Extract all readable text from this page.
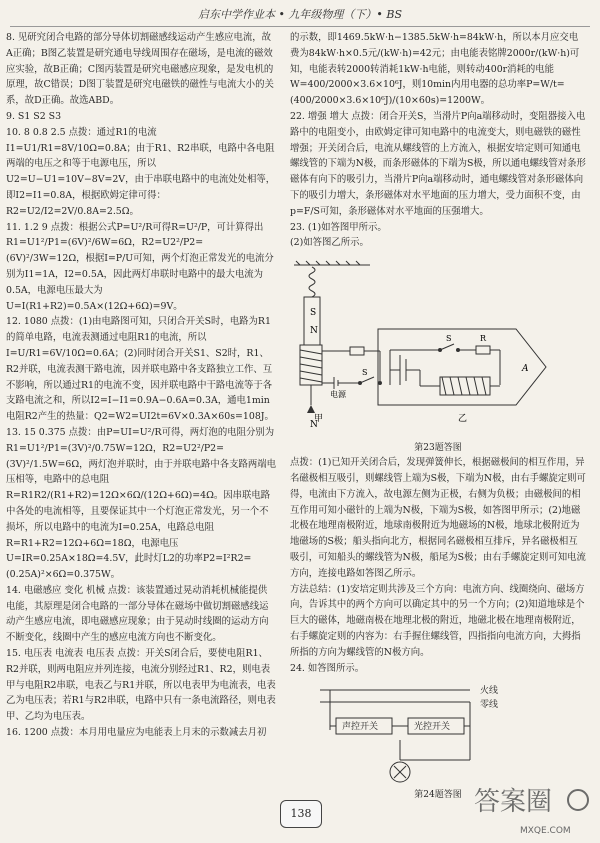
启东中学作业本 • 九年级物理（下）• BS

8. 见研究闭合电路的部分导体切割磁感线运动产生感应电流，故A正确；B图乙装置是研究通电导线周围存在磁场，是电流的磁效应实验，故B正确；C图丙装置是研究电磁感应现象，是发电机的原理，故C错误；D图丁装置是研究电磁铁的磁性与电流大小的关系，故D正确。故选ABD。

9. S1 S2 S3

10. 8 0.8 2.5 点拨：通过R1的电流I1=U1/R1=8V/10Ω=0.8A；由于R1、R2串联，电路中各电阻两端的电压之和等于电源电压，所以U2=U−U1=10V−8V=2V，由于串联电路中的电流处处相等，即I2=I1=0.8A，根据欧姆定律可得：R2=U2/I2=2V/0.8A=2.5Ω。

11. 1.2 9 点拨：根据公式P=U²/R可得R=U²/P，可计算得出R1=U1²/P1=(6V)²/6W=6Ω，R2=U2²/P2=(6V)²/3W=12Ω，根据I=P/U可知，两个灯泡正常发光的电流分别为I1=1A，I2=0.5A，因此两灯串联时电路中的最大电流为0.5A，电源电压最大为U=I(R1+R2)=0.5A×(12Ω+6Ω)=9V。

12. 1080 点拨：(1)由电路图可知，只闭合开关S时，电路为R1的简单电路，电流表测通过电阻R1的电流，所以I=U/R1=6V/10Ω=0.6A；(2)同时闭合开关S1、S2时，R1、R2并联，电流表测干路电流，因并联电路中各支路独立工作、互不影响，所以通过R1的电流不变，因并联电路中干路电流等于各支路电流之和，所以I2=I−I1=0.9A−0.6A=0.3A，通电1min电阻R2产生的热量：Q2=W2=UI2t=6V×0.3A×60s=108J。

13. 15 0.375 点拨：由P=UI=U²/R可得，两灯泡的电阻分别为R1=U1²/P1=(3V)²/0.75W=12Ω，R2=U2²/P2=(3V)²/1.5W=6Ω，两灯泡并联时，由于并联电路中各支路两端电压相等，电路中的总电阻R=R1R2/(R1+R2)=12Ω×6Ω/(12Ω+6Ω)=4Ω。因串联电路中各处的电流相等，且要保证其中一个灯泡正常发光，另一个不损坏，所以电路中的电流为I=0.25A，电路总电阻R=R1+R2=12Ω+6Ω=18Ω，电源电压U=IR=0.25A×18Ω=4.5V，此时灯L2的功率P2=I²R2=(0.25A)²×6Ω=0.375W。

14. 电磁感应 变化 机械 点拨：该装置通过晃动消耗机械能提供电能，其原理是闭合电路的一部分导体在磁场中做切割磁感线运动产生感应电流，即电磁感应现象；由于晃动时线圈的运动方向不断变化，线圈中产生的感应电流方向也不断变化。

15. 电压表 电流表 电压表 点拨：开关S闭合后，要使电阻R1、R2并联，则两电阻应并列连接，电流分别经过R1、R2，则电表甲与电阻R2串联，电表乙与R1并联，所以电表甲为电流表，电表乙为电压表；若R1与R2串联，电路中只有一条电流路径，则电表甲、乙均为电压表。

16. 1200 点拨：本月用电量应为电能表上月末的示数减去月初

的示数，即1469.5kW·h−1385.5kW·h=84kW·h，所以本月应交电费为84kW·h×0.5元/(kW·h)=42元；由电能表铭牌2000r/(kW·h)可知，电能表转2000转消耗1kW·h电能，则转动400r消耗的电能W=400/2000×3.6×10⁶J，则10min内用电器的总功率P=W/t=(400/2000×3.6×10⁶J)/(10×60s)=1200W。

22. 增强 增大 点拨：闭合开关S，当滑片P向a端移动时，变阻器接入电路中的电阻变小，由欧姆定律可知电路中的电流变大，则电磁铁的磁性增强；开关闭合后，电流从螺线管的上方流入，根据安培定则可知通电螺线管的下端为N极，而条形磁体的下端为S极，所以通电螺线管对条形磁体有向下的吸引力，当滑片P向a端移动时，通电螺线管对条形磁体向下的吸引力增大，条形磁体对水平地面的压力增大，受力面积不变，由p=F/S可知，条形磁体对水平地面的压强增大。

23. (1)如答图甲所示。

(2)如答图乙所示。

S
N
N
电源
S
S	R
A
甲	乙
第23题答图

点拨：(1)已知开关闭合后，发现弹簧伸长，根据磁极间的相互作用，异名磁极相互吸引，则螺线管上端为S极，下端为N极，由右手螺旋定则可得，电流由下方流入，故电源左侧为正极，右侧为负极；由磁极间的相互作用可知小磁针的上端为N极，下端为S极，如答图甲所示；(2)地磁北极在地理南极附近，地球南极附近为地磁场的N极，地球北极附近为地磁场的S极；船头指向北方，根据同名磁极相互排斥，异名磁极相互吸引，可知船头的螺线管为N极，船尾为S极；由右手螺旋定则可知电流方向，连接电路如答图乙所示。

方法总结：(1)安培定则共涉及三个方向：电流方向、线圈绕向、磁场方向，告诉其中的两个方向可以确定其中的另一个方向；(2)知道地球是个巨大的磁体，地磁南极在地理北极的附近，地磁北极在地理南极附近，右手螺旋定则的内容为：右手握住螺线管，四指指向电流方向，大拇指所指的方向为螺线管的N极方向。

24. 如答图所示。

火线
零线
声控开关	光控开关
第24题答图
138	答案圈
MXQE.COM
